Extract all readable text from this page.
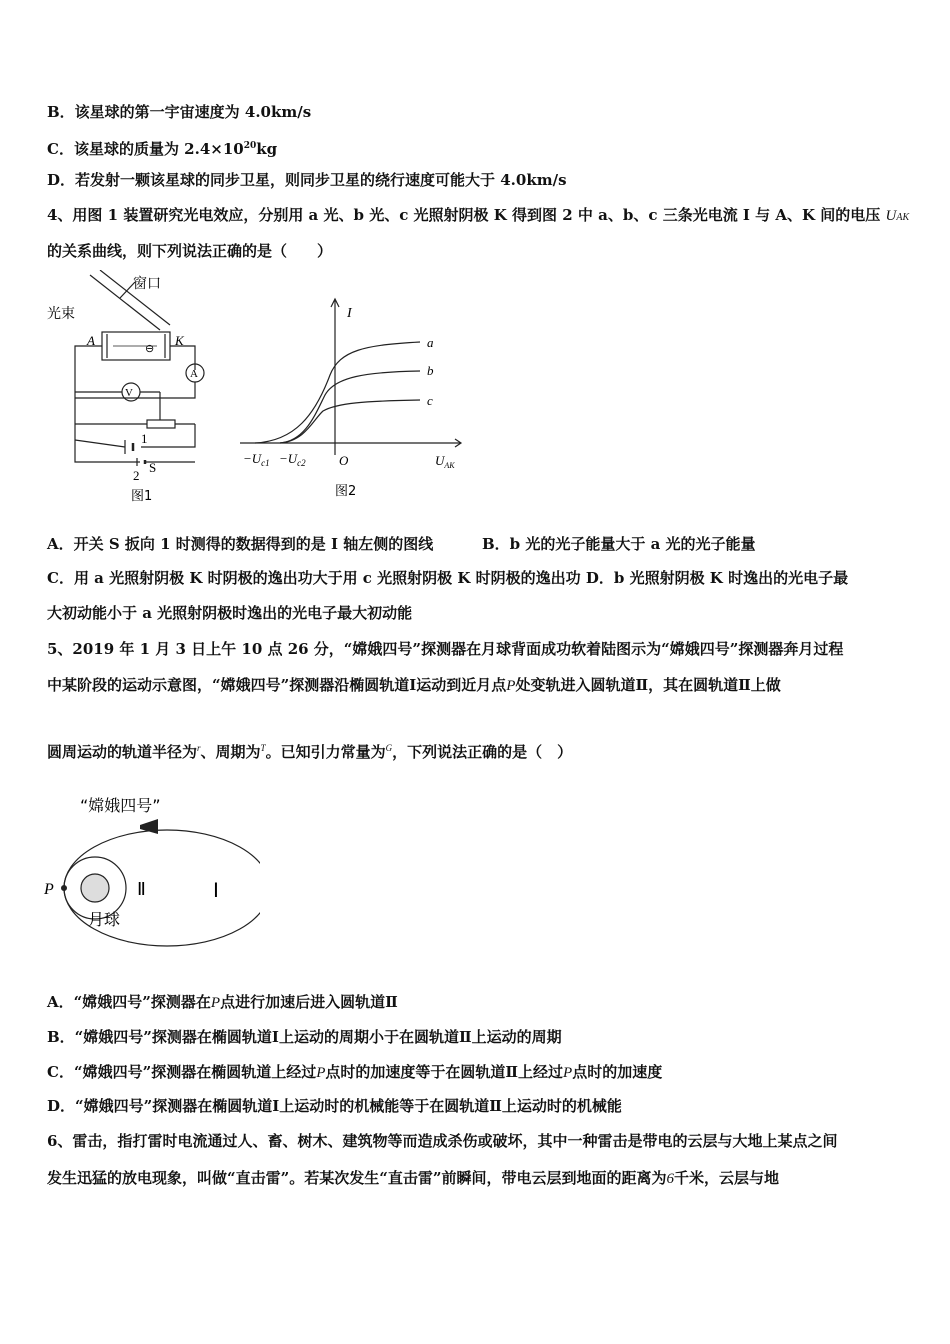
B．该星球的第一宇宙速度为 4.0km/s
C．该星球的质量为 $2.4\times 10^{20}kg$
D．若发射一颗该星球的同步卫星，则同步卫星的绕行速度可能大于 4.0km/s
4、用图 1 装置研究光电效应，分别用 a 光、b 光、c 光照射阴极 K 得到图 2 中 a、b、c 三条光电流 I 与 A、K 间的电压 UAK
的关系曲线，则下列说法正确的是（　　）
窗口
光束
A	K
⊖
V
A
1
2
S
图1
I
a
b
c
$-U_{c1} -U_{c2}$	O	$U_{AK}$
图2
A．开关 S 扳向 1 时测得的数据得到的是 I 轴左侧的图线	B．b 光的光子能量大于 a 光的光子能量
C．用 a 光照射阴极 K 时阴极的逸出功大于用 c 光照射阴极 K 时阴极的逸出功 D．b 光照射阴极 K 时逸出的光电子最
大初动能小于 a 光照射阴极时逸出的光电子最大初动能
5、2019 年 1 月 3 日上午 10 点 26 分，“嫦娥四号”探测器在月球背面成功软着陆图示为“嫦娥四号”探测器奔月过程
中某阶段的运动示意图，“嫦娥四号”探测器沿椭圆轨道Ⅰ运动到近月点P处变轨进入圆轨道Ⅱ，其在圆轨道Ⅱ上做
圆周运动的轨道半径为$^r$、周期为$^T$。已知引力常量为$^G$，下列说法正确的是（　）
“嫦娥四号”
P	Ⅱ	Ⅰ
月球
A．“嫦娥四号”探测器在P点进行加速后进入圆轨道Ⅱ
B．“嫦娥四号”探测器在椭圆轨道Ⅰ上运动的周期小于在圆轨道Ⅱ上运动的周期
C．“嫦娥四号”探测器在椭圆轨道上经过P点时的加速度等于在圆轨道Ⅱ上经过P点时的加速度
D．“嫦娥四号”探测器在椭圆轨道Ⅰ上运动时的机械能等于在圆轨道Ⅱ上运动时的机械能
6、雷击，指打雷时电流通过人、畜、树木、建筑物等而造成杀伤或破坏，其中一种雷击是带电的云层与大地上某点之间
发生迅猛的放电现象，叫做“直击雷”。若某次发生“直击雷”前瞬间，带电云层到地面的距离为6千米，云层与地
